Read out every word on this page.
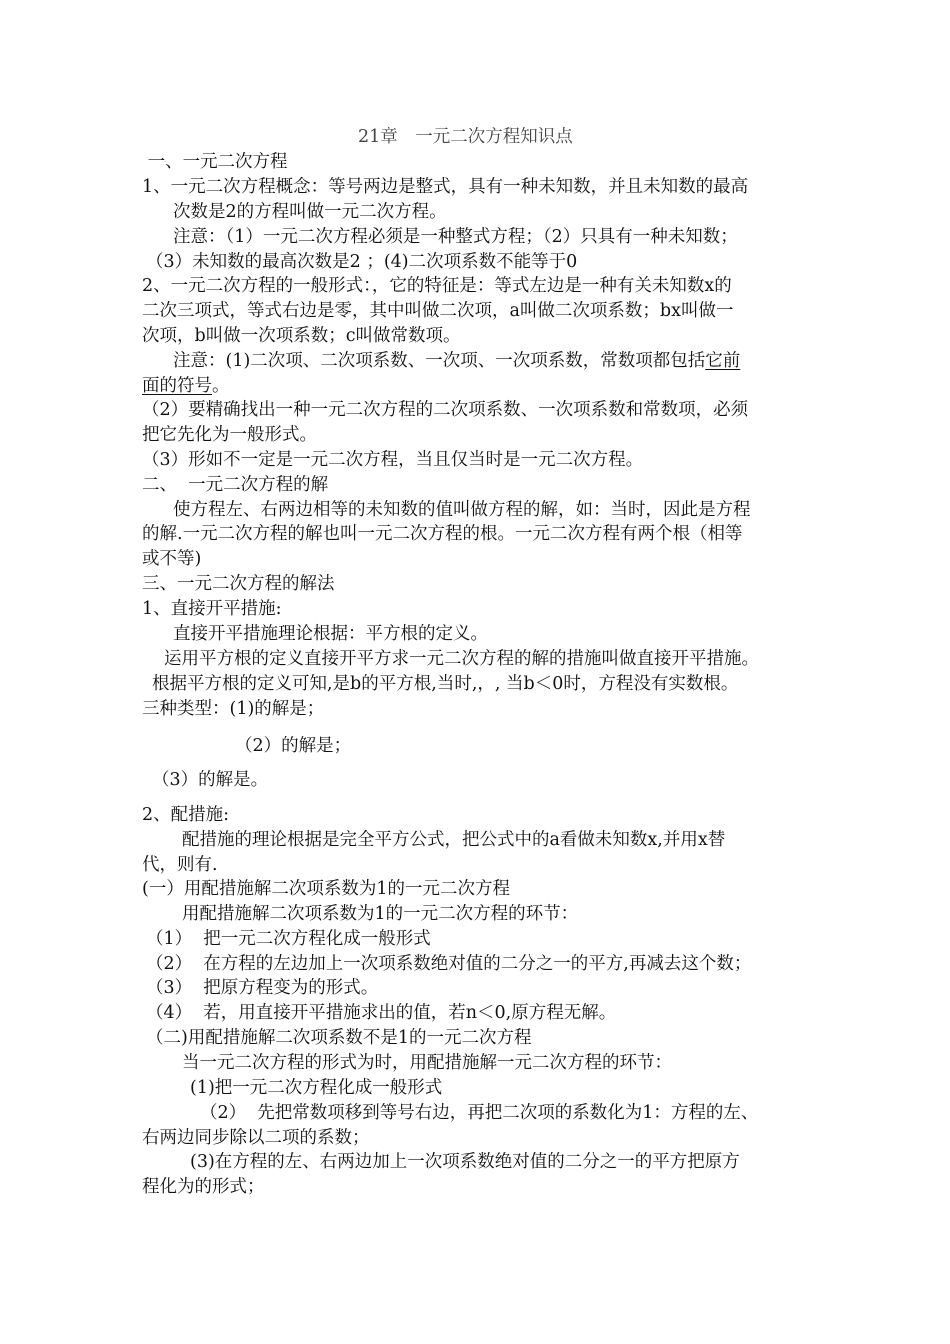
21章　一元二次方程知识点
一、一元二次方程
1、一元二次方程概念：等号两边是整式，具有一种未知数，并且未知数的最高
次数是2的方程叫做一元二次方程。
注意：（1）一元二次方程必须是一种整式方程；（2）只具有一种未知数；
（3）未知数的最高次数是2 ；(4)二次项系数不能等于0
2、一元二次方程的一般形式：，它的特征是：等式左边是一种有关未知数x的
二次三项式，等式右边是零，其中叫做二次项，a叫做二次项系数；bx叫做一
次项，b叫做一次项系数；c叫做常数项。
注意：(1)二次项、二次项系数、一次项、一次项系数，常数项都包括它前
面的符号。
（2）要精确找出一种一元二次方程的二次项系数、一次项系数和常数项，必须
把它先化为一般形式。
（3）形如不一定是一元二次方程，当且仅当时是一元二次方程。
二、  一元二次方程的解
使方程左、右两边相等的未知数的值叫做方程的解，如：当时，因此是方程
的解.一元二次方程的解也叫一元二次方程的根。一元二次方程有两个根（相等
或不等)
三、一元二次方程的解法
1、直接开平措施:
直接开平措施理论根据：平方根的定义。
运用平方根的定义直接开平方求一元二次方程的解的措施叫做直接开平措施。
根据平方根的定义可知,是b的平方根,当时,，, 当b＜0时，方程没有实数根。
三种类型：(1)的解是；
（2）的解是；
（3）的解是。
2、配措施:
配措施的理论根据是完全平方公式，把公式中的a看做未知数x,并用x替
代，则有.
(一）用配措施解二次项系数为1的一元二次方程
用配措施解二次项系数为1的一元二次方程的环节：
（1）  把一元二次方程化成一般形式
（2）  在方程的左边加上一次项系数绝对值的二分之一的平方,再减去这个数；
（3）  把原方程变为的形式。
（4）  若，用直接开平措施求出的值，若n＜0,原方程无解。
（二)用配措施解二次项系数不是1的一元二次方程
当一元二次方程的形式为时，用配措施解一元二次方程的环节：
(1)把一元二次方程化成一般形式
（2）  先把常数项移到等号右边，再把二次项的系数化为1：方程的左、
右两边同步除以二项的系数；
(3)在方程的左、右两边加上一次项系数绝对值的二分之一的平方把原方
程化为的形式；
